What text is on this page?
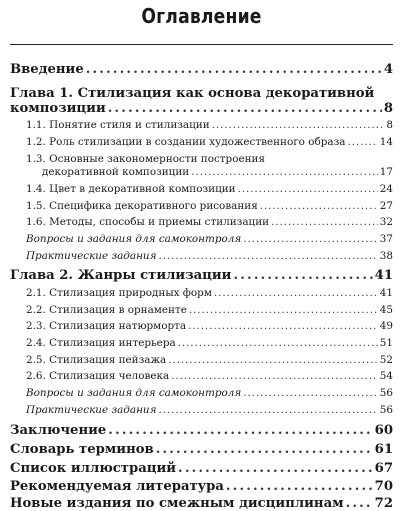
Оглавление
Введение . . .	4
Глава 1. Стилизация как основа декоративной
композиции . . .	8
1.1. Понятие стиля и стилизации . . .	8
1.2. Роль стилизации в создании художественного образа . . .	14
1.3. Основные закономерности построения
декоративной композиции . . .	17
1.4. Цвет в декоративной композиции . . .	24
1.5. Специфика декоративного рисования . . .	27
1.6. Методы, способы и приемы стилизации . . .	32
Вопросы и задания для самоконтроля . . .	37
Практические задания . . .	38
Глава 2. Жанры стилизации . . .	41
2.1. Стилизация природных форм . . .	41
2.2. Стилизация в орнаменте . . .	45
2.3. Стилизация натюрморта . . .	49
2.4. Стилизация интерьера . . .	51
2.5. Стилизация пейзажа . . .	52
2.6. Стилизация человека . . .	54
Вопросы и задания для самоконтроля . . .	56
Практические задания . . .	56
Заключение . . .	60
Словарь терминов . . .	61
Список иллюстраций . . .	67
Рекомендуемая литература . . .	70
Новые издания по смежным дисциплинам . . . 72
